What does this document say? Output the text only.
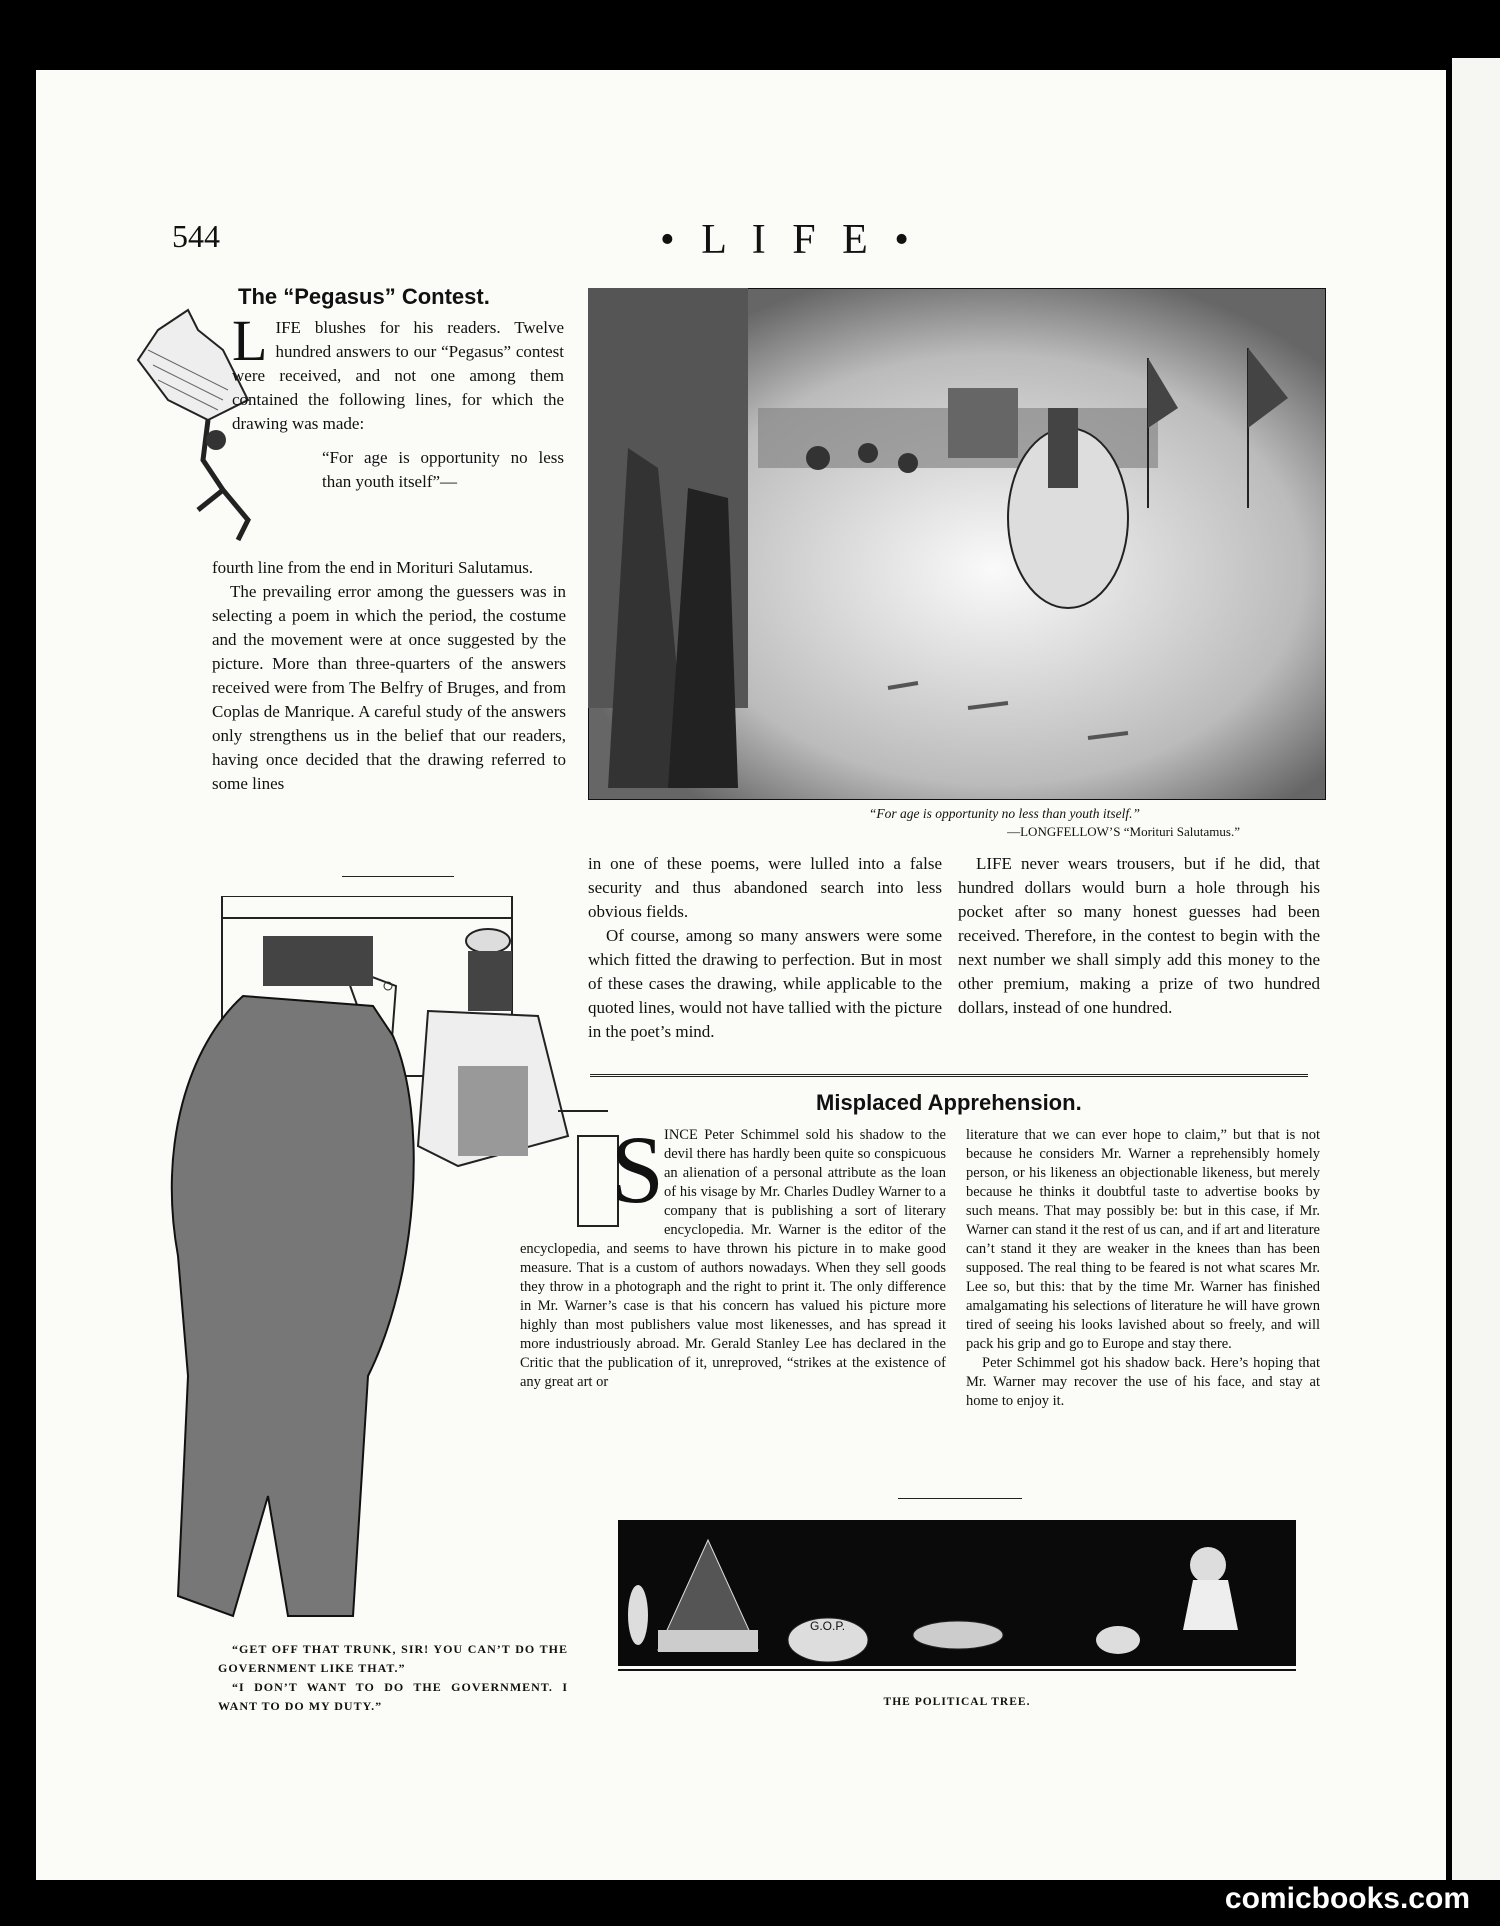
544	• L I F E •
The “Pegasus” Contest.
L IFE blushes for his readers. Twelve hundred answers to our “Pegasus” contest were received, and not one among them contained the following lines, for which the drawing was made:
“For age is opportunity no less than youth itself”—

fourth line from the end in Morituri Salutamus.

The prevailing error among the guessers was in selecting a poem in which the period, the costume and the movement were at once suggested by the picture. More than three-quarters of the answers received were from The Belfry of Bruges, and from Coplas de Manrique. A careful study of the answers only strengthens us in the belief that our readers, having once decided that the drawing referred to some lines

“For age is opportunity no less than youth itself.”
—LONGFELLOW’S “Morituri Salutamus.”

in one of these poems, were lulled into a false security and thus abandoned search into less obvious fields.

Of course, among so many answers were some which fitted the drawing to perfection. But in most of these cases the drawing, while applicable to the quoted lines, would not have tallied with the picture in the poet’s mind.

LIFE never wears trousers, but if he did, that hundred dollars would burn a hole through his pocket after so many honest guesses had been received. Therefore, in the contest to begin with the next number we shall simply add this money to the other premium, making a prize of two hundred dollars, instead of one hundred.

“GET OFF THAT TRUNK, SIR! YOU CAN’T DO THE GOVERNMENT LIKE THAT.”
“I DON’T WANT TO DO THE GOVERNMENT. I WANT TO DO MY DUTY.”
Misplaced Apprehension.
S INCE Peter Schimmel sold his shadow to the devil there has hardly been quite so conspicuous an alienation of a personal attribute as the loan of his visage by Mr. Charles Dudley Warner to a company that is publishing a sort of literary encyclopedia. Mr. Warner is the editor of the encyclopedia, and seems to have thrown his picture in to make good measure. That is a custom of authors nowadays. When they sell goods they throw in a photograph and the right to print it. The only difference in Mr. Warner’s case is that his concern has valued his picture more highly than most publishers value most likenesses, and has spread it more industriously abroad. Mr. Gerald Stanley Lee has declared in the Critic that the publication of it, unreproved, “strikes at the existence of any great art or

literature that we can ever hope to claim,” but that is not because he considers Mr. Warner a reprehensibly homely person, or his likeness an objectionable likeness, but merely because he thinks it doubtful taste to advertise books by such means. That may possibly be: but in this case, if Mr. Warner can stand it the rest of us can, and if art and literature can’t stand it they are weaker in the knees than has been supposed. The real thing to be feared is not what scares Mr. Lee so, but this: that by the time Mr. Warner has finished amalgamating his selections of literature he will have grown tired of seeing his looks lavished about so freely, and will pack his grip and go to Europe and stay there.

Peter Schimmel got his shadow back. Here’s hoping that Mr. Warner may recover the use of his face, and stay at home to enjoy it.

G.O.P.
THE POLITICAL TREE.
comicbooks.com
